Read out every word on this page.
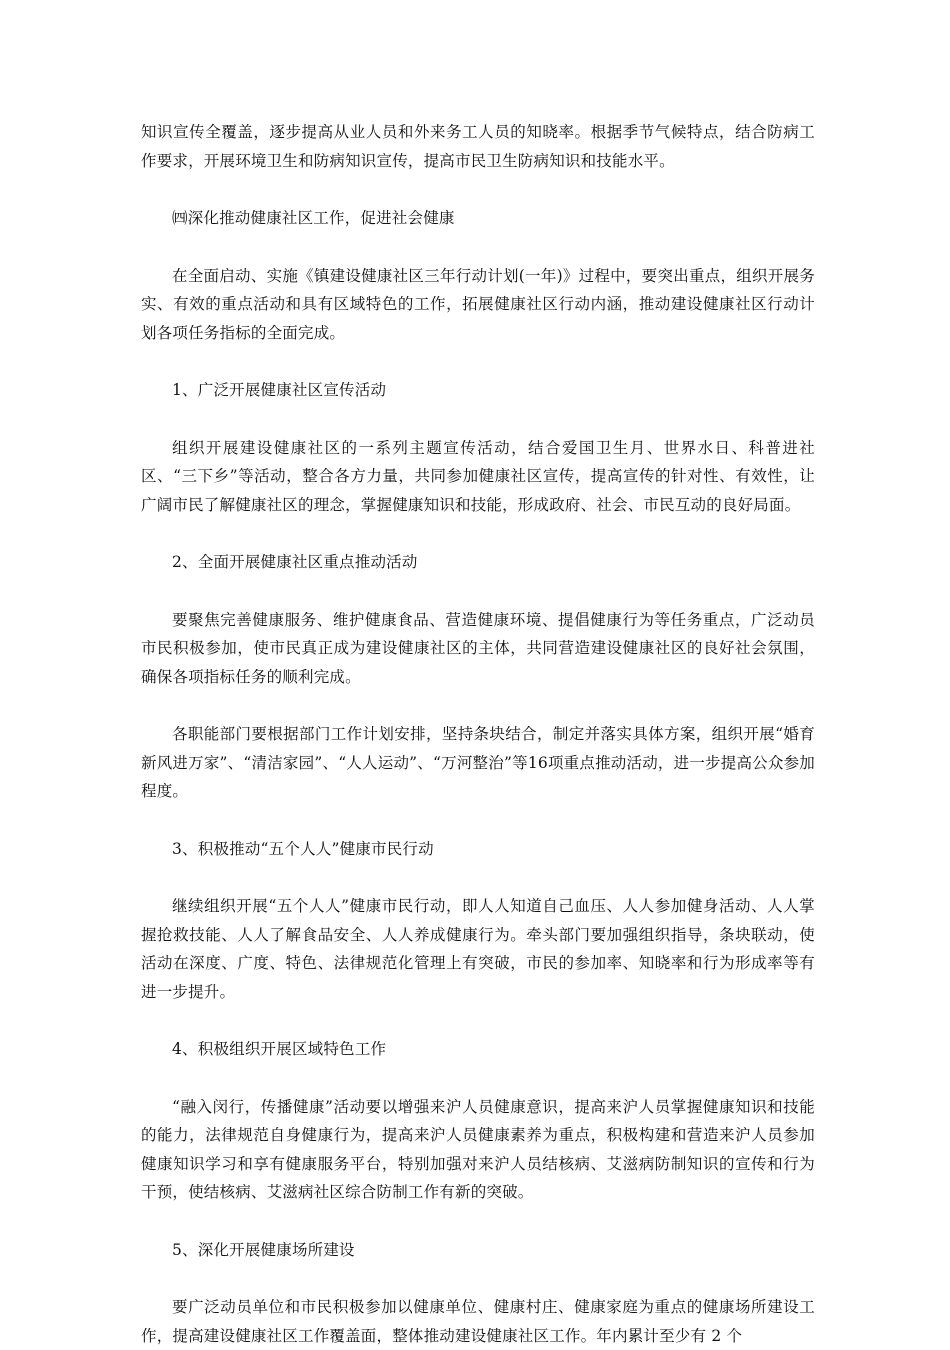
知识宣传全覆盖，逐步提高从业人员和外来务工人员的知晓率。根据季节气候特点，结合防病工作要求，开展环境卫生和防病知识宣传，提高市民卫生防病知识和技能水平。

㈣深化推动健康社区工作，促进社会健康

在全面启动、实施《镇建设健康社区三年行动计划(一年)》过程中，要突出重点，组织开展务实、有效的重点活动和具有区域特色的工作，拓展健康社区行动内涵，推动建设健康社区行动计划各项任务指标的全面完成。

1、广泛开展健康社区宣传活动

组织开展建设健康社区的一系列主题宣传活动，结合爱国卫生月、世界水日、科普进社区、“三下乡”等活动，整合各方力量，共同参加健康社区宣传，提高宣传的针对性、有效性，让广阔市民了解健康社区的理念，掌握健康知识和技能，形成政府、社会、市民互动的良好局面。

2、全面开展健康社区重点推动活动

要聚焦完善健康服务、维护健康食品、营造健康环境、提倡健康行为等任务重点，广泛动员市民积极参加，使市民真正成为建设健康社区的主体，共同营造建设健康社区的良好社会氛围，确保各项指标任务的顺利完成。

各职能部门要根据部门工作计划安排，坚持条块结合，制定并落实具体方案，组织开展“婚育新风进万家”、“清洁家园”、“人人运动”、“万河整治”等16项重点推动活动，进一步提高公众参加程度。

3、积极推动“五个人人”健康市民行动

继续组织开展“五个人人”健康市民行动，即人人知道自己血压、人人参加健身活动、人人掌握抢救技能、人人了解食品安全、人人养成健康行为。牵头部门要加强组织指导，条块联动，使活动在深度、广度、特色、法律规范化管理上有突破，市民的参加率、知晓率和行为形成率等有进一步提升。

4、积极组织开展区域特色工作

“融入闵行，传播健康”活动要以增强来沪人员健康意识，提高来沪人员掌握健康知识和技能的能力，法律规范自身健康行为，提高来沪人员健康素养为重点，积极构建和营造来沪人员参加健康知识学习和享有健康服务平台，特别加强对来沪人员结核病、艾滋病防制知识的宣传和行为干预，使结核病、艾滋病社区综合防制工作有新的突破。

5、深化开展健康场所建设

要广泛动员单位和市民积极参加以健康单位、健康村庄、健康家庭为重点的健康场所建设工作，提高建设健康社区工作覆盖面，整体推动建设健康社区工作。年内累计至少有 2 个
